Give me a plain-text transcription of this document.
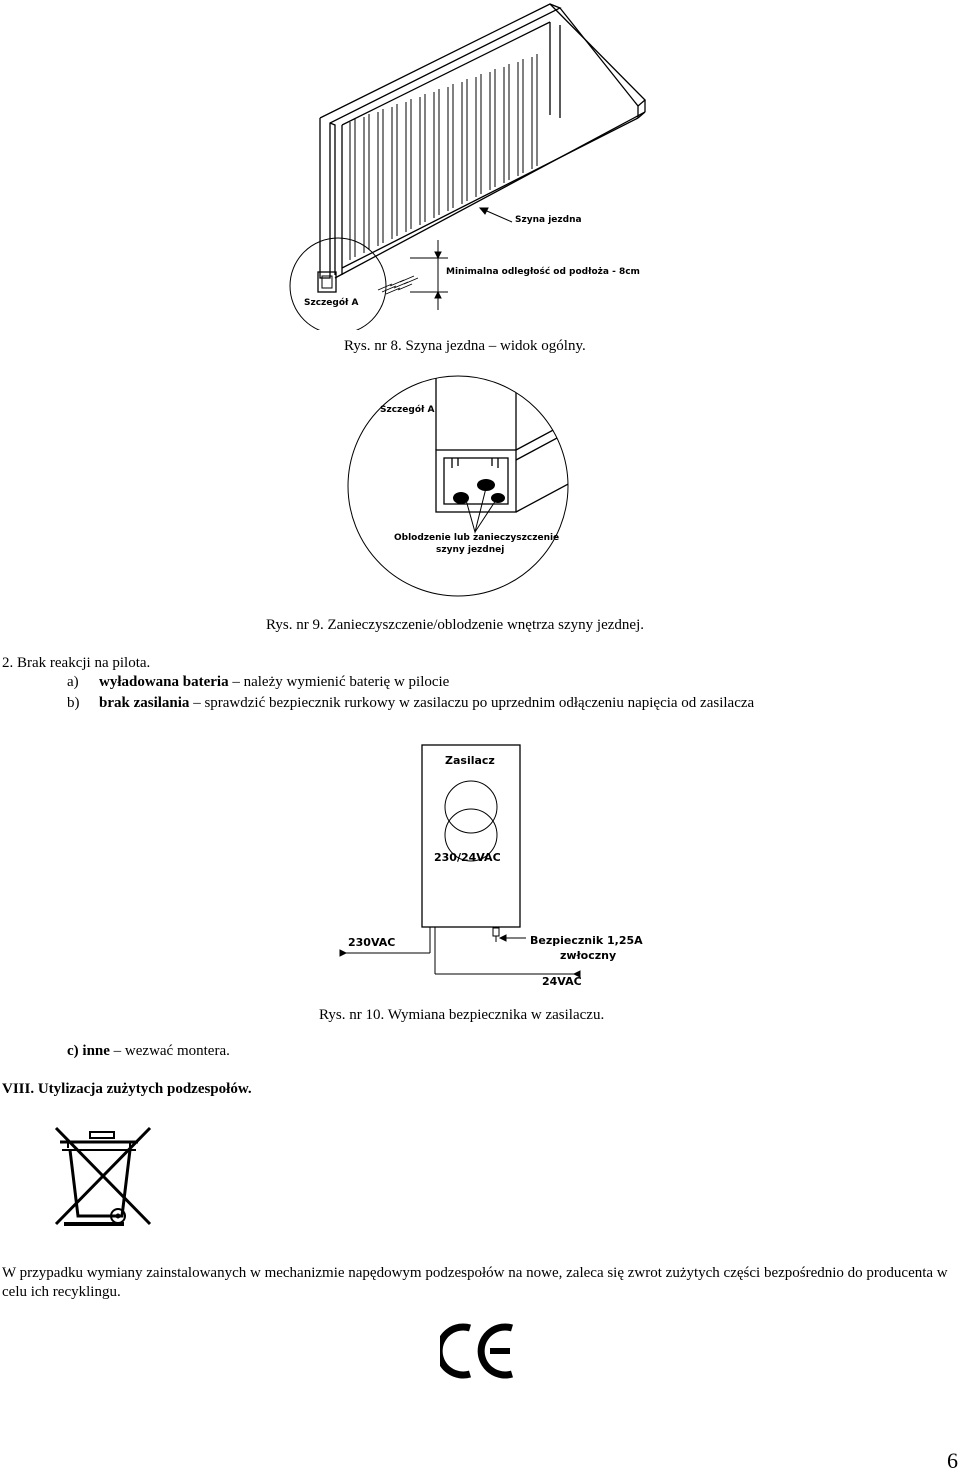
Szyna jezdna
Minimalna odległość od podłoża - 8cm
Szczegół A
Rys. nr 8. Szyna jezdna – widok ogólny.
Szczegół A
Oblodzenie lub zanieczyszczenie
szyny jezdnej
Rys. nr 9. Zanieczyszczenie/oblodzenie wnętrza szyny jezdnej.
2. Brak reakcji na pilota.
a) wyładowana bateria – należy wymienić baterię w pilocie
b) brak zasilania – sprawdzić bezpiecznik rurkowy w zasilaczu po uprzednim odłączeniu napięcia od zasilacza
Zasilacz
230/24VAC
230VAC	Bezpiecznik 1,25A
zwłoczny
24VAC
Rys. nr 10. Wymiana bezpiecznika w zasilaczu.
c) inne – wezwać montera.
VIII. Utylizacja zużytych podzespołów.
W przypadku wymiany zainstalowanych w mechanizmie napędowym podzespołów na nowe, zaleca się zwrot zużytych części bezpośrednio do producenta w celu ich recyklingu.
6
